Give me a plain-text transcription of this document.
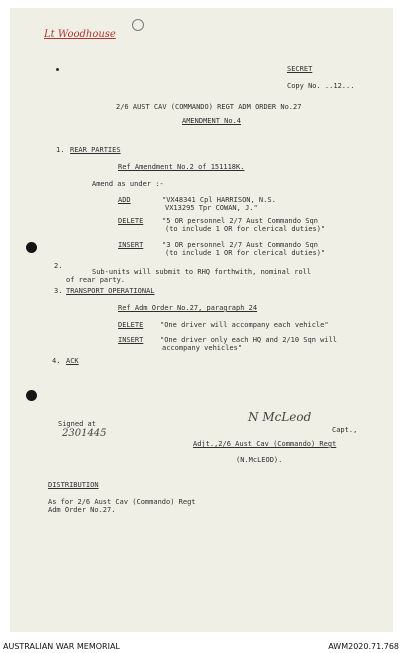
Lt Woodhouse
SECRET
Copy No. ..12...
2/6 AUST CAV (COMMANDO) REGT ADM ORDER No.27
AMENDMENT No.4
1. REAR PARTIES
Ref Amendment No.2 of 151118K.
Amend as under :-
ADD	"VX48341 Cpl HARRISON, N.S.
VX13295 Tpr COWAN, J."
DELETE	"5 OR personnel 2/7 Aust Commando Sqn
(to include 1 OR for clerical duties)"
INSERT	"3 OR personnel 2/7 Aust Commando Sqn
(to include 1 OR for clerical duties)"
2.
Sub-units will submit to RHQ forthwith, nominal roll
of rear party.
3. TRANSPORT OPERATIONAL
Ref Adm Order No.27, paragraph 24
DELETE "One driver will accompany each vehicle"
INSERT "One driver only each HQ and 2/10 Sqn will
accompany vehicles"
4. ACK
Signed at
2301445
N McLeod
Capt.,
Adjt.,2/6 Aust Cav (Commando) Regt
(N.McLEOD).
DISTRIBUTION
As for 2/6 Aust Cav (Commando) Regt
Adm Order No.27.
AUSTRALIAN WAR MEMORIAL	AWM2020.71.768
